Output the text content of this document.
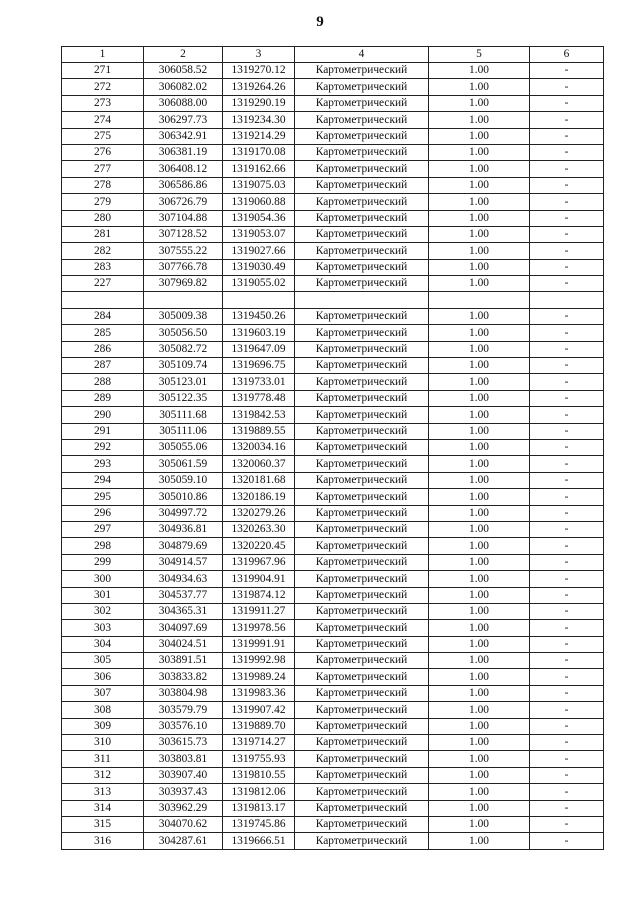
9
1	2	3	4	5	6
271	306058.52	1319270.12	Картометрический	1.00	-
272	306082.02	1319264.26	Картометрический	1.00	-
273	306088.00	1319290.19	Картометрический	1.00	-
274	306297.73	1319234.30	Картометрический	1.00	-
275	306342.91	1319214.29	Картометрический	1.00	-
276	306381.19	1319170.08	Картометрический	1.00	-
277	306408.12	1319162.66	Картометрический	1.00	-
278	306586.86	1319075.03	Картометрический	1.00	-
279	306726.79	1319060.88	Картометрический	1.00	-
280	307104.88	1319054.36	Картометрический	1.00	-
281	307128.52	1319053.07	Картометрический	1.00	-
282	307555.22	1319027.66	Картометрический	1.00	-
283	307766.78	1319030.49	Картометрический	1.00	-
227	307969.82	1319055.02	Картометрический	1.00	-

284	305009.38	1319450.26	Картометрический	1.00	-
285	305056.50	1319603.19	Картометрический	1.00	-
286	305082.72	1319647.09	Картометрический	1.00	-
287	305109.74	1319696.75	Картометрический	1.00	-
288	305123.01	1319733.01	Картометрический	1.00	-
289	305122.35	1319778.48	Картометрический	1.00	-
290	305111.68	1319842.53	Картометрический	1.00	-
291	305111.06	1319889.55	Картометрический	1.00	-
292	305055.06	1320034.16	Картометрический	1.00	-
293	305061.59	1320060.37	Картометрический	1.00	-
294	305059.10	1320181.68	Картометрический	1.00	-
295	305010.86	1320186.19	Картометрический	1.00	-
296	304997.72	1320279.26	Картометрический	1.00	-
297	304936.81	1320263.30	Картометрический	1.00	-
298	304879.69	1320220.45	Картометрический	1.00	-
299	304914.57	1319967.96	Картометрический	1.00	-
300	304934.63	1319904.91	Картометрический	1.00	-
301	304537.77	1319874.12	Картометрический	1.00	-
302	304365.31	1319911.27	Картометрический	1.00	-
303	304097.69	1319978.56	Картометрический	1.00	-
304	304024.51	1319991.91	Картометрический	1.00	-
305	303891.51	1319992.98	Картометрический	1.00	-
306	303833.82	1319989.24	Картометрический	1.00	-
307	303804.98	1319983.36	Картометрический	1.00	-
308	303579.79	1319907.42	Картометрический	1.00	-
309	303576.10	1319889.70	Картометрический	1.00	-
310	303615.73	1319714.27	Картометрический	1.00	-
311	303803.81	1319755.93	Картометрический	1.00	-
312	303907.40	1319810.55	Картометрический	1.00	-
313	303937.43	1319812.06	Картометрический	1.00	-
314	303962.29	1319813.17	Картометрический	1.00	-
315	304070.62	1319745.86	Картометрический	1.00	-
316	304287.61	1319666.51	Картометрический	1.00	-
